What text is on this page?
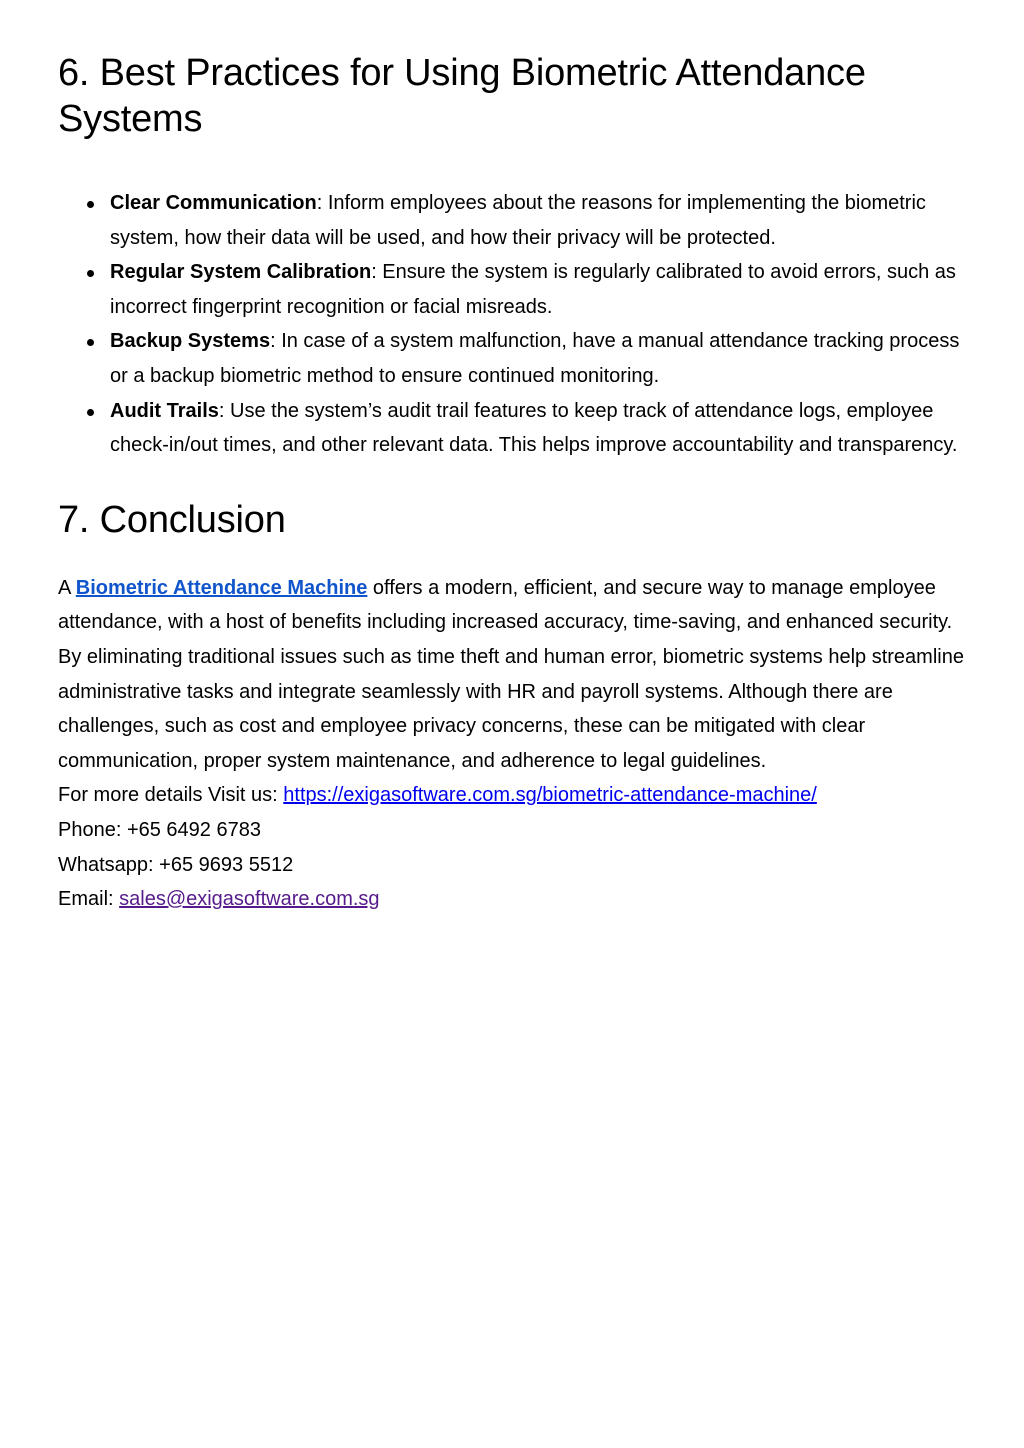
6. Best Practices for Using Biometric Attendance Systems
Clear Communication: Inform employees about the reasons for implementing the biometric system, how their data will be used, and how their privacy will be protected.
Regular System Calibration: Ensure the system is regularly calibrated to avoid errors, such as incorrect fingerprint recognition or facial misreads.
Backup Systems: In case of a system malfunction, have a manual attendance tracking process or a backup biometric method to ensure continued monitoring.
Audit Trails: Use the system’s audit trail features to keep track of attendance logs, employee check-in/out times, and other relevant data. This helps improve accountability and transparency.
7. Conclusion

A Biometric Attendance Machine offers a modern, efficient, and secure way to manage employee attendance, with a host of benefits including increased accuracy, time-saving, and enhanced security. By eliminating traditional issues such as time theft and human error, biometric systems help streamline administrative tasks and integrate seamlessly with HR and payroll systems. Although there are challenges, such as cost and employee privacy concerns, these can be mitigated with clear communication, proper system maintenance, and adherence to legal guidelines.

For more details Visit us: https://exigasoftware.com.sg/biometric-attendance-machine/
Phone: +65 6492 6783
Whatsapp: +65 9693 5512
Email: sales@exigasoftware.com.sg
